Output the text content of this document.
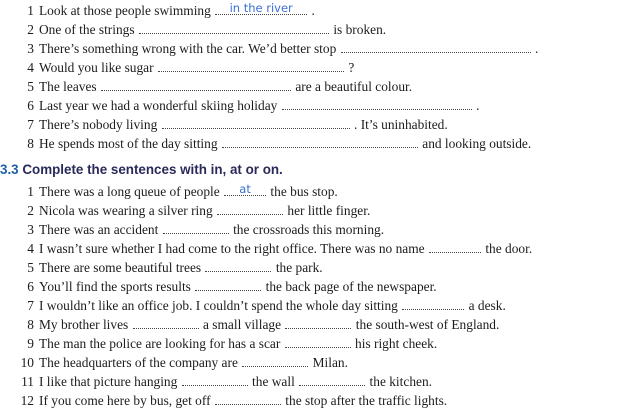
1 Look at those people swimming	in the river	.
2 One of the strings	is broken.
3 There’s something wrong with the car. We’d better stop	.
4 Would you like sugar	?
5 The leaves	are a beautiful colour.
6 Last year we had a wonderful skiing holiday	.
7 There’s nobody living	. It’s uninhabited.
8 He spends most of the day sitting	and looking outside.
3.3 Complete the sentences with in, at or on.
1 There was a long queue of people	at	the bus stop.
2 Nicola was wearing a silver ring	her little finger.
3 There was an accident	the crossroads this morning.
4 I wasn’t sure whether I had come to the right office. There was no name	the door.
5 There are some beautiful trees	the park.
6 You’ll find the sports results	the back page of the newspaper.
7 I wouldn’t like an office job. I couldn’t spend the whole day sitting	a desk.
8 My brother lives	a small village	the south-west of England.
9 The man the police are looking for has a scar	his right cheek.
10 The headquarters of the company are	Milan.
11 I like that picture hanging	the wall	the kitchen.
12 If you come here by bus, get off	the stop after the traffic lights.
